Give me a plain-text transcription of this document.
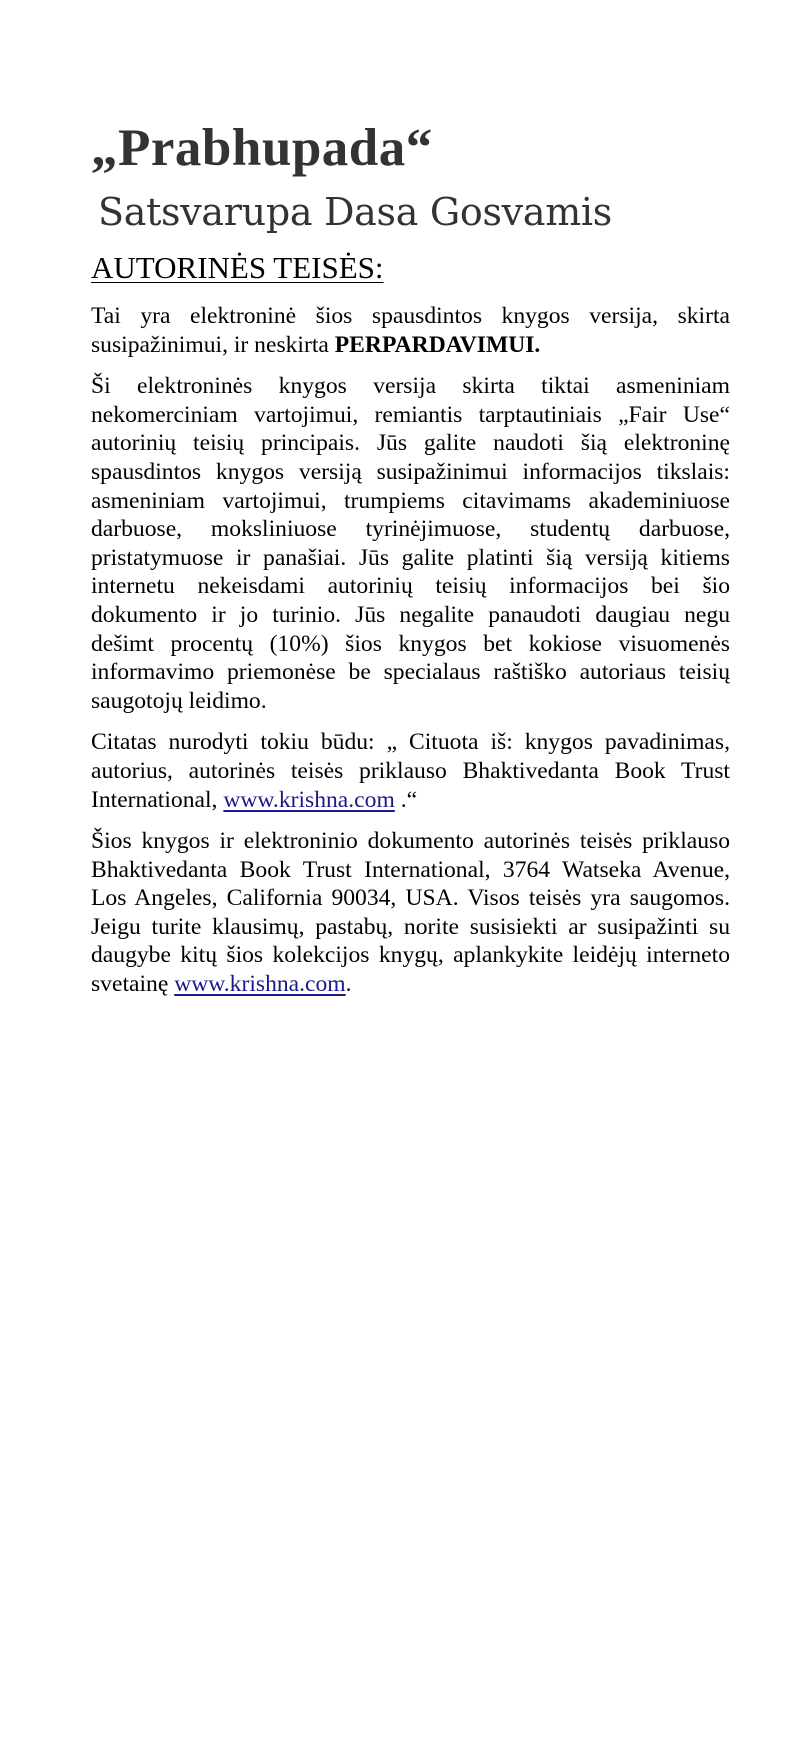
„Prabhupada“
Satsvarupa Dasa Gosvamis
AUTORINĖS TEISĖS:

Tai yra elektroninė šios spausdintos knygos versija, skirta susipažinimui, ir neskirta PERPARDAVIMUI.

Ši elektroninės knygos versija skirta tiktai asmeniniam nekomerciniam vartojimui, remiantis tarptautiniais „Fair Use“ autorinių teisių principais. Jūs galite naudoti šią elektroninę spausdintos knygos versiją susipažinimui informacijos tikslais: asmeniniam vartojimui, trumpiems citavimams akademiniuose darbuose, moksliniuose tyrinėjimuose, studentų darbuose, pristatymuose ir panašiai. Jūs galite platinti šią versiją kitiems internetu nekeisdami autorinių teisių informacijos bei šio dokumento ir jo turinio. Jūs negalite panaudoti daugiau negu dešimt procentų (10%) šios knygos bet kokiose visuomenės informavimo priemonėse be specialaus raštiško autoriaus teisių saugotojų leidimo.

Citatas nurodyti tokiu būdu: „ Cituota iš: knygos pavadinimas, autorius, autorinės teisės priklauso Bhaktivedanta Book Trust International, www.krishna.com .“

Šios knygos ir elektroninio dokumento autorinės teisės priklauso Bhaktivedanta Book Trust International, 3764 Watseka Avenue, Los Angeles, California 90034, USA. Visos teisės yra saugomos. Jeigu turite klausimų, pastabų, norite susisiekti ar susipažinti su daugybe kitų šios kolekcijos knygų, aplankykite leidėjų interneto svetainę www.krishna.com.
